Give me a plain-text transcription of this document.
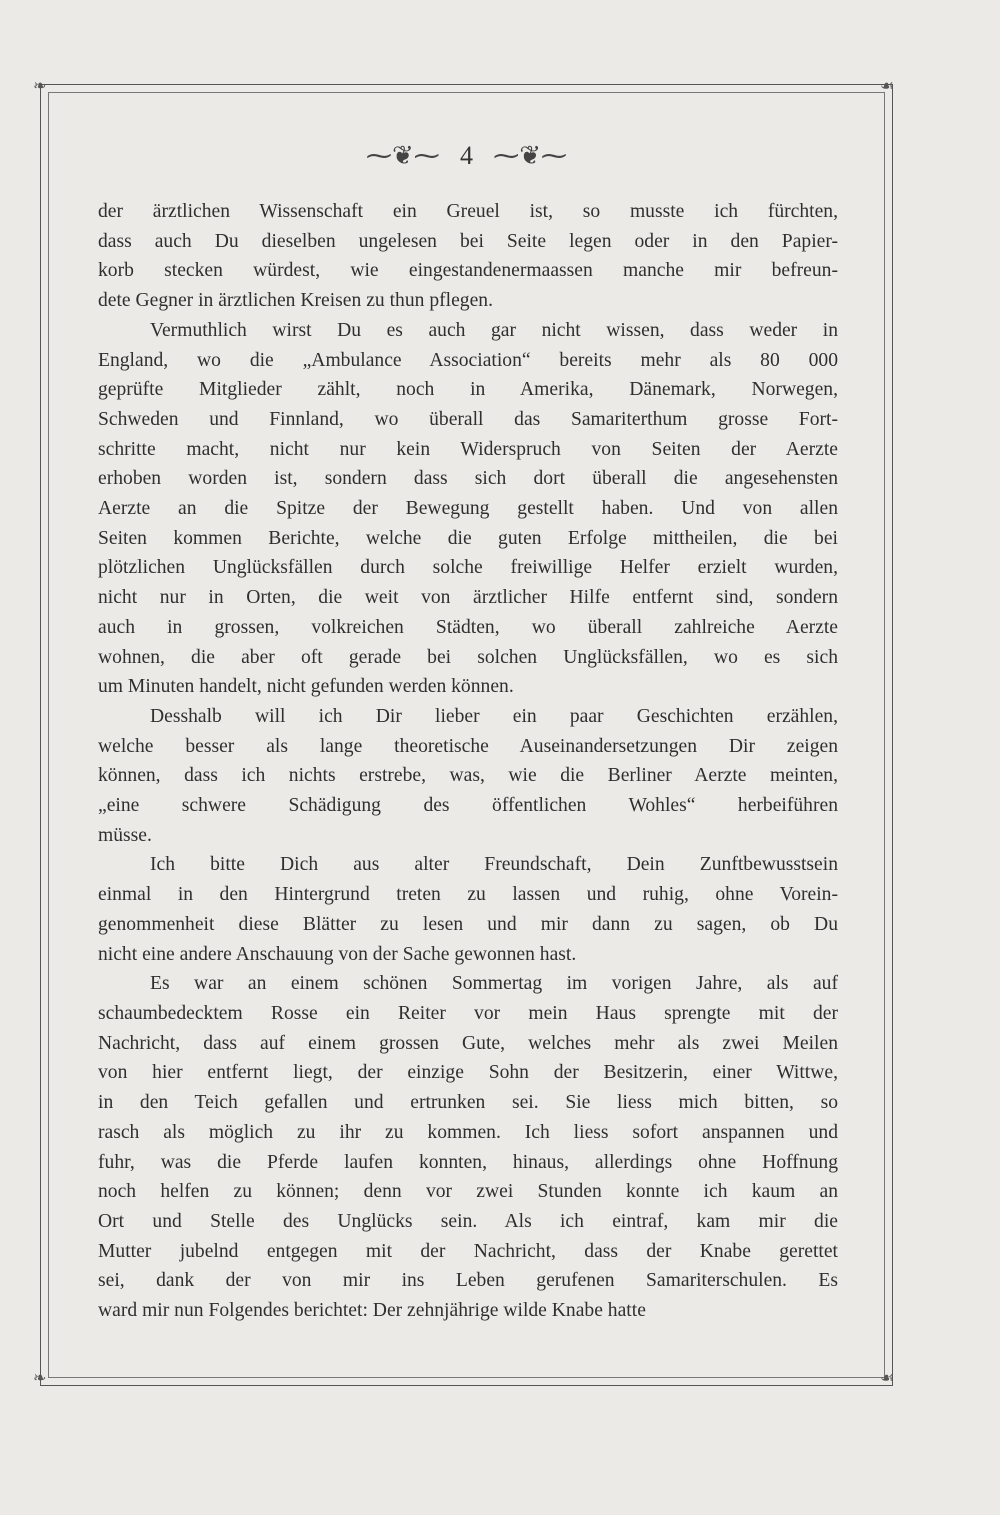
❧	☙
❧	☙
⁓❦⁓ 4 ⁓❦⁓

der ärztlichen Wissenschaft ein Greuel ist, so musste ich fürchten,
dass auch Du dieselben ungelesen bei Seite legen oder in den Papier-
korb stecken würdest, wie eingestandenermaassen manche mir befreun-
dete Gegner in ärztlichen Kreisen zu thun pflegen.

Vermuthlich wirst Du es auch gar nicht wissen, dass weder in
England, wo die „Ambulance Association“ bereits mehr als 80 000
geprüfte Mitglieder zählt, noch in Amerika, Dänemark, Norwegen,
Schweden und Finnland, wo überall das Samariterthum grosse Fort-
schritte macht, nicht nur kein Widerspruch von Seiten der Aerzte
erhoben worden ist, sondern dass sich dort überall die angesehensten
Aerzte an die Spitze der Bewegung gestellt haben. Und von allen
Seiten kommen Berichte, welche die guten Erfolge mittheilen, die bei
plötzlichen Unglücksfällen durch solche freiwillige Helfer erzielt wurden,
nicht nur in Orten, die weit von ärztlicher Hilfe entfernt sind, sondern
auch in grossen, volkreichen Städten, wo überall zahlreiche Aerzte
wohnen, die aber oft gerade bei solchen Unglücksfällen, wo es sich
um Minuten handelt, nicht gefunden werden können.

Desshalb will ich Dir lieber ein paar Geschichten erzählen,
welche besser als lange theoretische Auseinandersetzungen Dir zeigen
können, dass ich nichts erstrebe, was, wie die Berliner Aerzte meinten,
„eine schwere Schädigung des öffentlichen Wohles“ herbeiführen
müsse.

Ich bitte Dich aus alter Freundschaft, Dein Zunftbewusstsein
einmal in den Hintergrund treten zu lassen und ruhig, ohne Vorein-
genommenheit diese Blätter zu lesen und mir dann zu sagen, ob Du
nicht eine andere Anschauung von der Sache gewonnen hast.

Es war an einem schönen Sommertag im vorigen Jahre, als auf
schaumbedecktem Rosse ein Reiter vor mein Haus sprengte mit der
Nachricht, dass auf einem grossen Gute, welches mehr als zwei Meilen
von hier entfernt liegt, der einzige Sohn der Besitzerin, einer Wittwe,
in den Teich gefallen und ertrunken sei. Sie liess mich bitten, so
rasch als möglich zu ihr zu kommen. Ich liess sofort anspannen und
fuhr, was die Pferde laufen konnten, hinaus, allerdings ohne Hoffnung
noch helfen zu können; denn vor zwei Stunden konnte ich kaum an
Ort und Stelle des Unglücks sein. Als ich eintraf, kam mir die
Mutter jubelnd entgegen mit der Nachricht, dass der Knabe gerettet
sei, dank der von mir ins Leben gerufenen Samariterschulen. Es
ward mir nun Folgendes berichtet: Der zehnjährige wilde Knabe hatte
